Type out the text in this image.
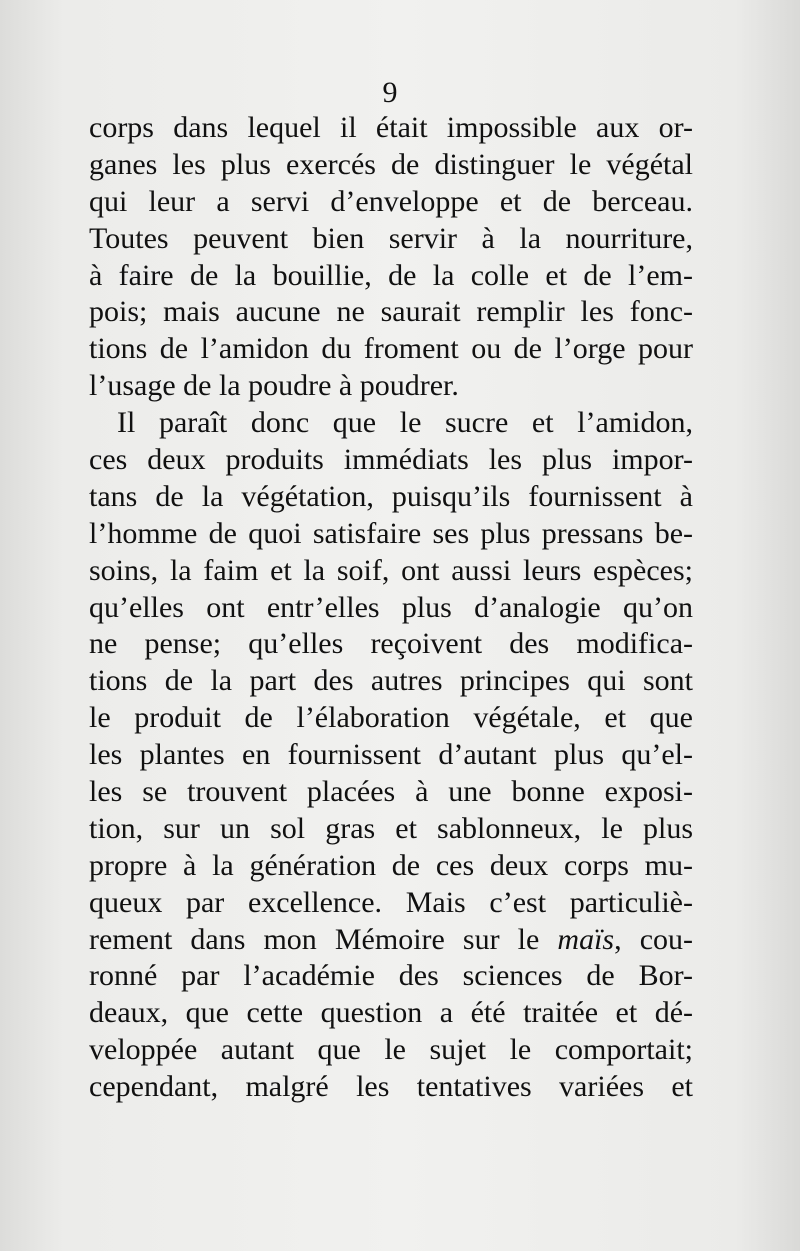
9
corps dans lequel il était impossible aux or-
ganes les plus exercés de distinguer le végétal
qui leur a servi d’enveloppe et de berceau.
Toutes peuvent bien servir à la nourriture,
à faire de la bouillie, de la colle et de l’em-
pois; mais aucune ne saurait remplir les fonc-
tions de l’amidon du froment ou de l’orge pour
l’usage de la poudre à poudrer.
Il paraît donc que le sucre et l’amidon,
ces deux produits immédiats les plus impor-
tans de la végétation, puisqu’ils fournissent à
l’homme de quoi satisfaire ses plus pressans be-
soins, la faim et la soif, ont aussi leurs espèces;
qu’elles ont entr’elles plus d’analogie qu’on
ne pense; qu’elles reçoivent des modifica-
tions de la part des autres principes qui sont
le produit de l’élaboration végétale, et que
les plantes en fournissent d’autant plus qu’el-
les se trouvent placées à une bonne exposi-
tion, sur un sol gras et sablonneux, le plus
propre à la génération de ces deux corps mu-
queux par excellence. Mais c’est particuliè-
rement dans mon Mémoire sur le maïs, cou-
ronné par l’académie des sciences de Bor-
deaux, que cette question a été traitée et dé-
veloppée autant que le sujet le comportait;
cependant, malgré les tentatives variées et
